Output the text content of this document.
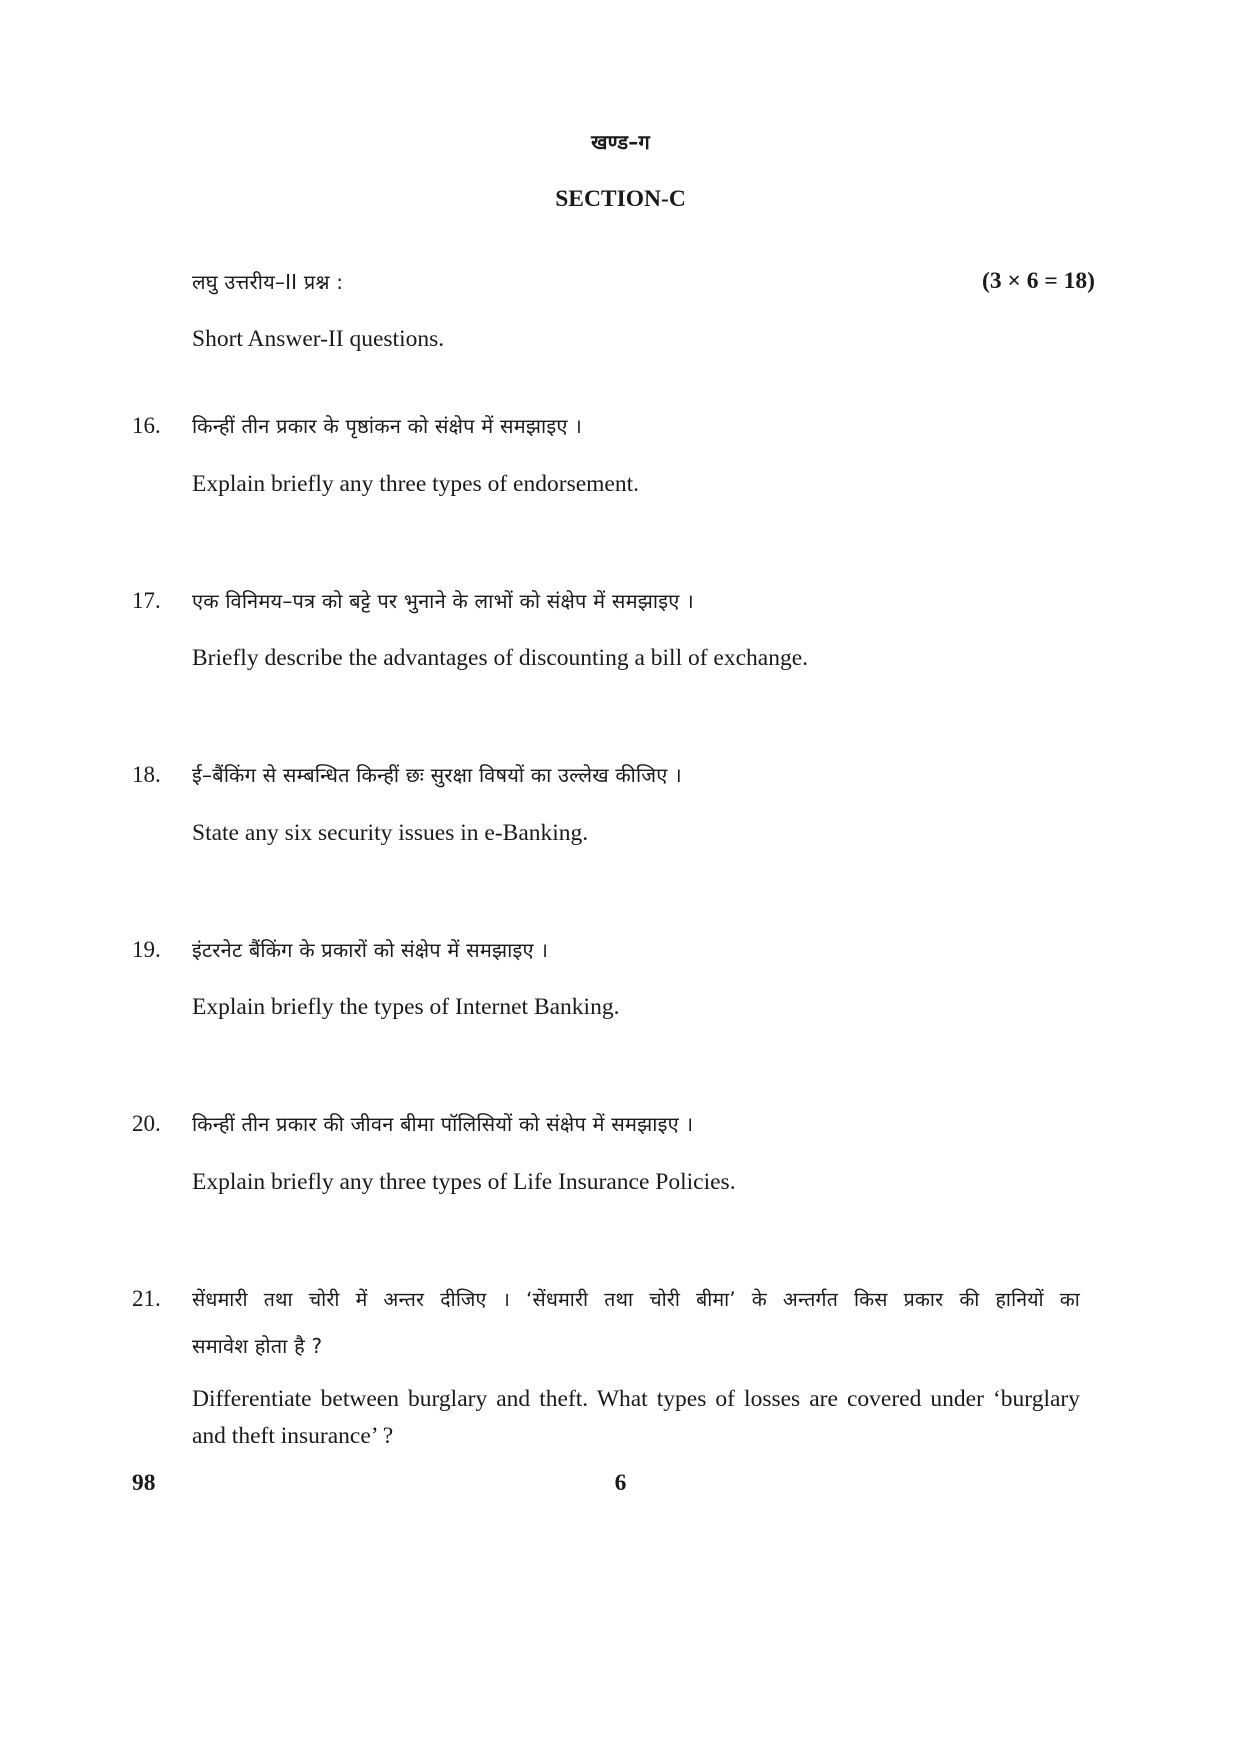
खण्ड–ग
SECTION-C
लघु उत्तरीय–II प्रश्न :	(3 × 6 = 18)
Short Answer-II questions.
16. किन्हीं तीन प्रकार के पृष्ठांकन को संक्षेप में समझाइए ।
Explain briefly any three types of endorsement.
17. एक विनिमय–पत्र को बट्टे पर भुनाने के लाभों को संक्षेप में समझाइए ।
Briefly describe the advantages of discounting a bill of exchange.
18. ई–बैंकिंग से सम्बन्धित किन्हीं छः सुरक्षा विषयों का उल्लेख कीजिए ।
State any six security issues in e-Banking.
19. इंटरनेट बैंकिंग के प्रकारों को संक्षेप में समझाइए ।
Explain briefly the types of Internet Banking.
20. किन्हीं तीन प्रकार की जीवन बीमा पॉलिसियों को संक्षेप में समझाइए ।
Explain briefly any three types of Life Insurance Policies.
21. सेंधमारी तथा चोरी में अन्तर दीजिए । ‘सेंधमारी तथा चोरी बीमा’ के अन्तर्गत किस प्रकार की हानियों का
समावेश होता है ?
Differentiate between burglary and theft. What types of losses are covered under ‘burglary and theft insurance’ ?
98	6
